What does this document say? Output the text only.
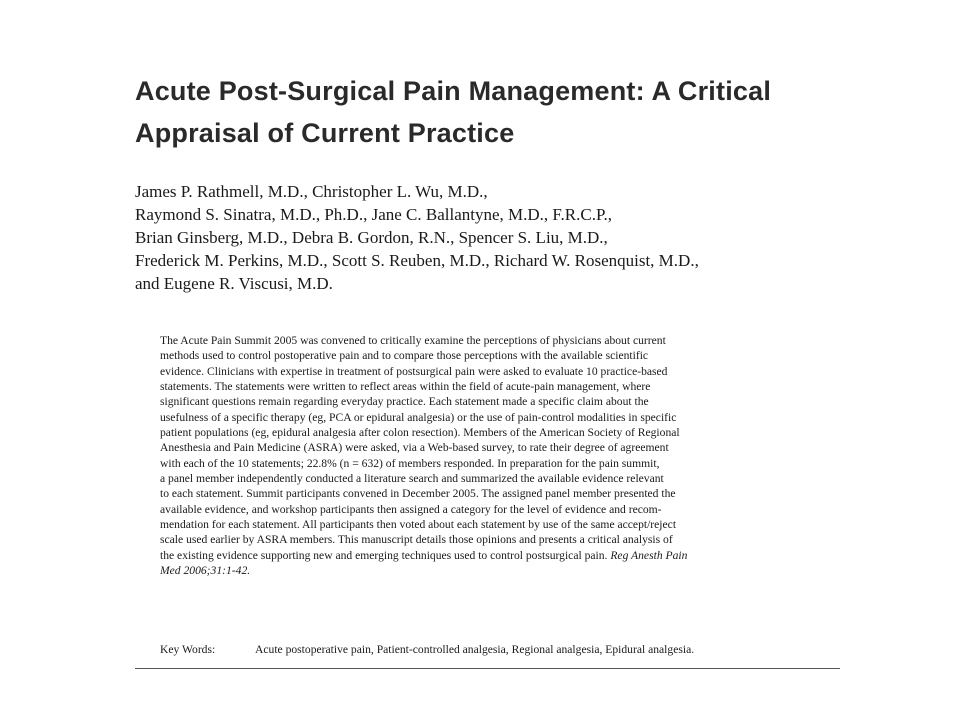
Acute Post-Surgical Pain Management: A Critical
Appraisal of Current Practice
James P. Rathmell, M.D., Christopher L. Wu, M.D.,
Raymond S. Sinatra, M.D., Ph.D., Jane C. Ballantyne, M.D., F.R.C.P.,
Brian Ginsberg, M.D., Debra B. Gordon, R.N., Spencer S. Liu, M.D.,
Frederick M. Perkins, M.D., Scott S. Reuben, M.D., Richard W. Rosenquist, M.D.,
and Eugene R. Viscusi, M.D.
The Acute Pain Summit 2005 was convened to critically examine the perceptions of physicians about current
methods used to control postoperative pain and to compare those perceptions with the available scientific
evidence. Clinicians with expertise in treatment of postsurgical pain were asked to evaluate 10 practice-based
statements. The statements were written to reflect areas within the field of acute-pain management, where
significant questions remain regarding everyday practice. Each statement made a specific claim about the
usefulness of a specific therapy (eg, PCA or epidural analgesia) or the use of pain-control modalities in specific
patient populations (eg, epidural analgesia after colon resection). Members of the American Society of Regional
Anesthesia and Pain Medicine (ASRA) were asked, via a Web-based survey, to rate their degree of agreement
with each of the 10 statements; 22.8% (n = 632) of members responded. In preparation for the pain summit,
a panel member independently conducted a literature search and summarized the available evidence relevant
to each statement. Summit participants convened in December 2005. The assigned panel member presented the
available evidence, and workshop participants then assigned a category for the level of evidence and recom-
mendation for each statement. All participants then voted about each statement by use of the same accept/reject
scale used earlier by ASRA members. This manuscript details those opinions and presents a critical analysis of
the existing evidence supporting new and emerging techniques used to control postsurgical pain. Reg Anesth Pain
Med 2006;31:1-42.
Key Words:	Acute postoperative pain, Patient-controlled analgesia, Regional analgesia, Epidural analgesia.
